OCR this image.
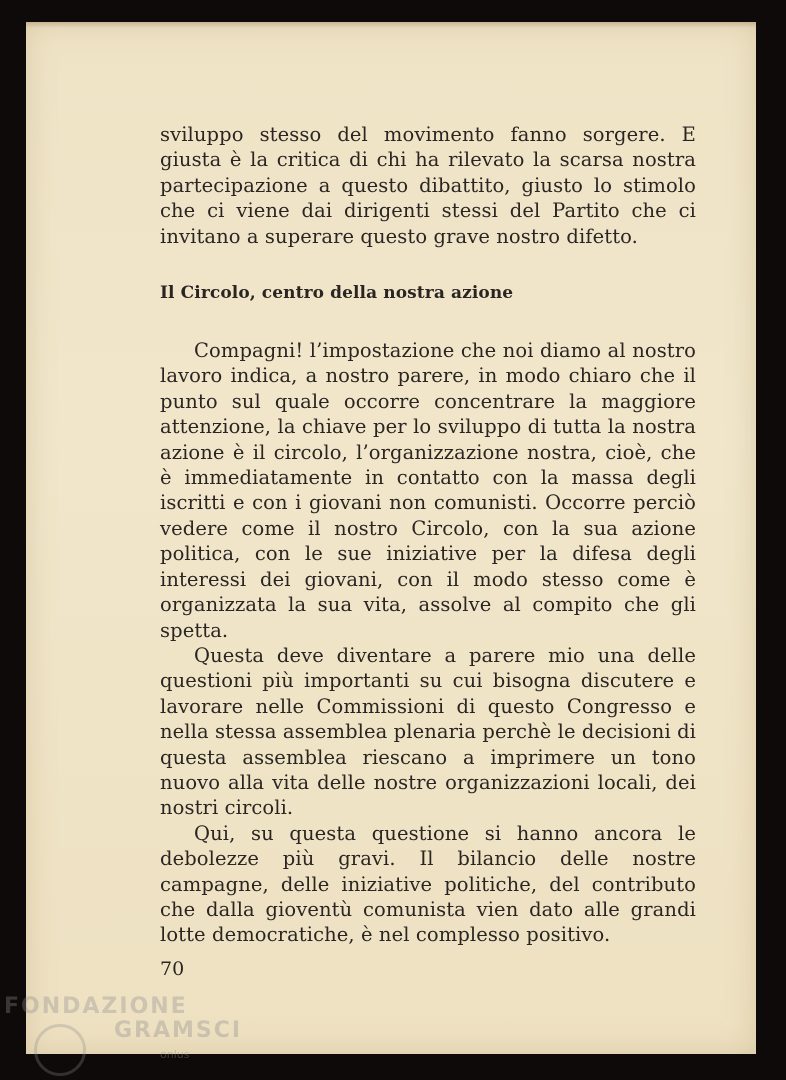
sviluppo stesso del movimento fanno sorgere. E giusta è la critica di chi ha rilevato la scarsa nostra partecipazione a questo dibattito, giusto lo stimolo che ci viene dai dirigenti stessi del Partito che ci invitano a superare questo grave nostro difetto.

Il Circolo, centro della nostra azione

Compagni! l’impostazione che noi diamo al nostro lavoro indica, a nostro parere, in modo chiaro che il punto sul quale occorre concentrare la maggiore attenzione, la chiave per lo sviluppo di tutta la nostra azione è il circolo, l’organizzazione nostra, cioè, che è immediatamente in contatto con la massa degli iscritti e con i giovani non comunisti. Occorre perciò vedere come il nostro Circolo, con la sua azione politica, con le sue iniziative per la difesa degli interessi dei giovani, con il modo stesso come è organizzata la sua vita, assolve al compito che gli spetta.

Questa deve diventare a parere mio una delle questioni più importanti su cui bisogna discutere e lavorare nelle Commissioni di questo Congresso e nella stessa assemblea plenaria perchè le decisioni di questa assemblea riescano a imprimere un tono nuovo alla vita delle nostre organizzazioni locali, dei nostri circoli.

Qui, su questa questione si hanno ancora le debolezze più gravi. Il bilancio delle nostre campagne, delle iniziative politiche, del contributo che dalla gioventù comunista vien dato alle grandi lotte democratiche, è nel complesso positivo.

70
FONDAZIONE
GRAMSCI
onlus
